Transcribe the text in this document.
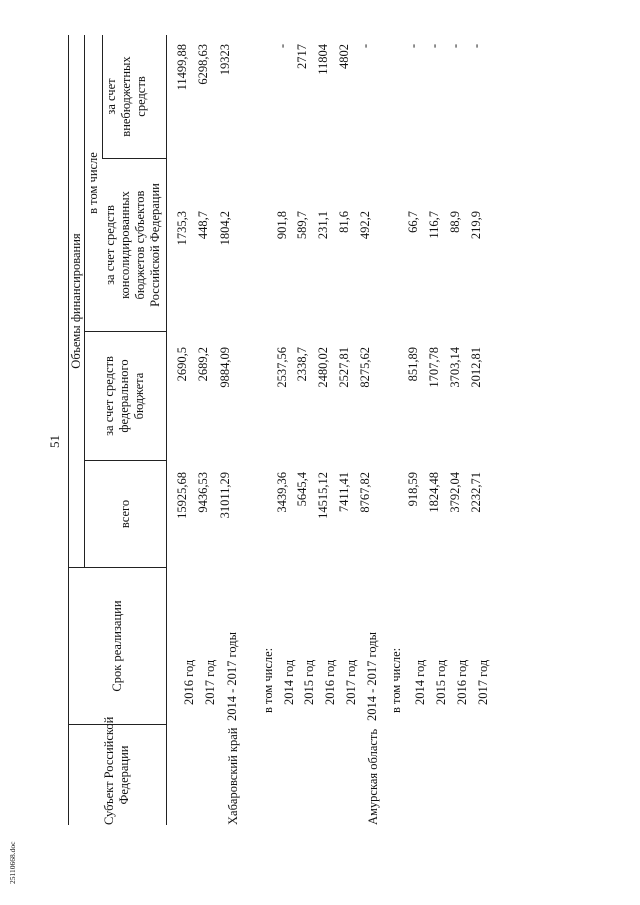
51
25110668.doc
Субъект Российской Федерации
Срок реализации
Объемы финансирования
всего
в том числе
за счет средств федерального бюджета
за счет средств консолидированных бюджетов субъектов Российской Федерации
за счет внебюджетных средств
2016 год
15925,68
2690,5
1735,3
11499,88
2017 год
9436,53
2689,2
448,7
6298,63
Хабаровский край
2014 - 2017 годы
31011,29
9884,09
1804,2
19323
в том числе: 2014 год
3439,36
2537,56
901,8
-
2015 год
5645,4
2338,7
589,7
2717
2016 год
14515,12
2480,02
231,1
11804
2017 год
7411,41
2527,81
81,6
4802
Амурская область
2014 - 2017 годы
8767,82
8275,62
492,2
-
в том числе: 2014 год
918,59
851,89
66,7
-
2015 год
1824,48
1707,78
116,7
-
2016 год
3792,04
3703,14
88,9
-
2017 год
2232,71
2012,81
219,9
-
